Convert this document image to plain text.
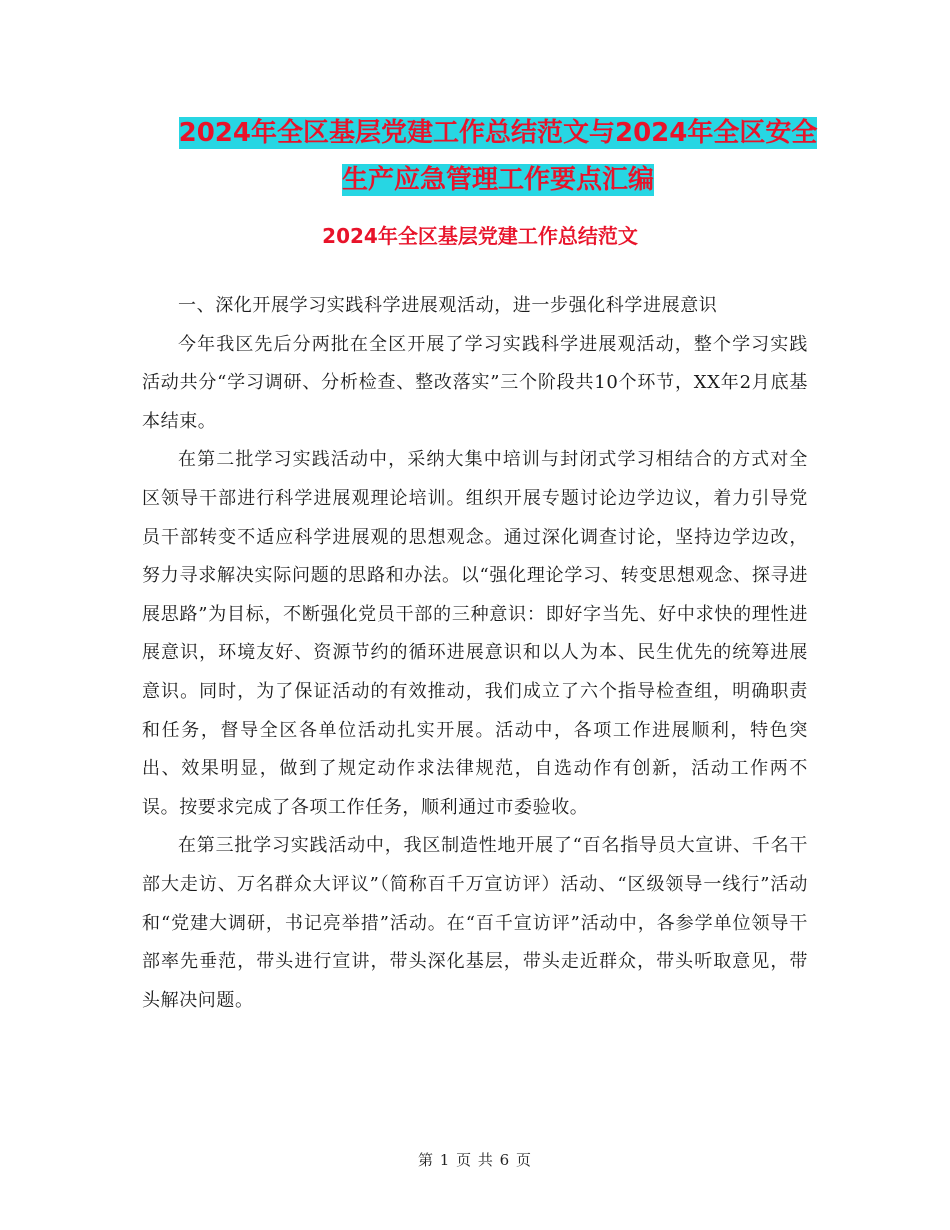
2024年全区基层党建工作总结范文与2024年全区安全
生产应急管理工作要点汇编
2024年全区基层党建工作总结范文

一、深化开展学习实践科学进展观活动，进一步强化科学进展意识

今年我区先后分两批在全区开展了学习实践科学进展观活动，整个学习实践活动共分“学习调研、分析检查、整改落实”三个阶段共10个环节，XX年2月底基本结束。

在第二批学习实践活动中，采纳大集中培训与封闭式学习相结合的方式对全区领导干部进行科学进展观理论培训。组织开展专题讨论边学边议，着力引导党员干部转变不适应科学进展观的思想观念。通过深化调查讨论，坚持边学边改，努力寻求解决实际问题的思路和办法。以“强化理论学习、转变思想观念、探寻进展思路”为目标，不断强化党员干部的三种意识：即好字当先、好中求快的理性进展意识，环境友好、资源节约的循环进展意识和以人为本、民生优先的统筹进展意识。同时，为了保证活动的有效推动，我们成立了六个指导检查组，明确职责和任务，督导全区各单位活动扎实开展。活动中，各项工作进展顺利，特色突出、效果明显，做到了规定动作求法律规范，自选动作有创新，活动工作两不误。按要求完成了各项工作任务，顺利通过市委验收。

在第三批学习实践活动中，我区制造性地开展了“百名指导员大宣讲、千名干部大走访、万名群众大评议”（简称百千万宣访评）活动、“区级领导一线行”活动和“党建大调研，书记亮举措”活动。在“百千宣访评”活动中，各参学单位领导干部率先垂范，带头进行宣讲，带头深化基层，带头走近群众，带头听取意见，带头解决问题。

第 1 页 共 6 页
